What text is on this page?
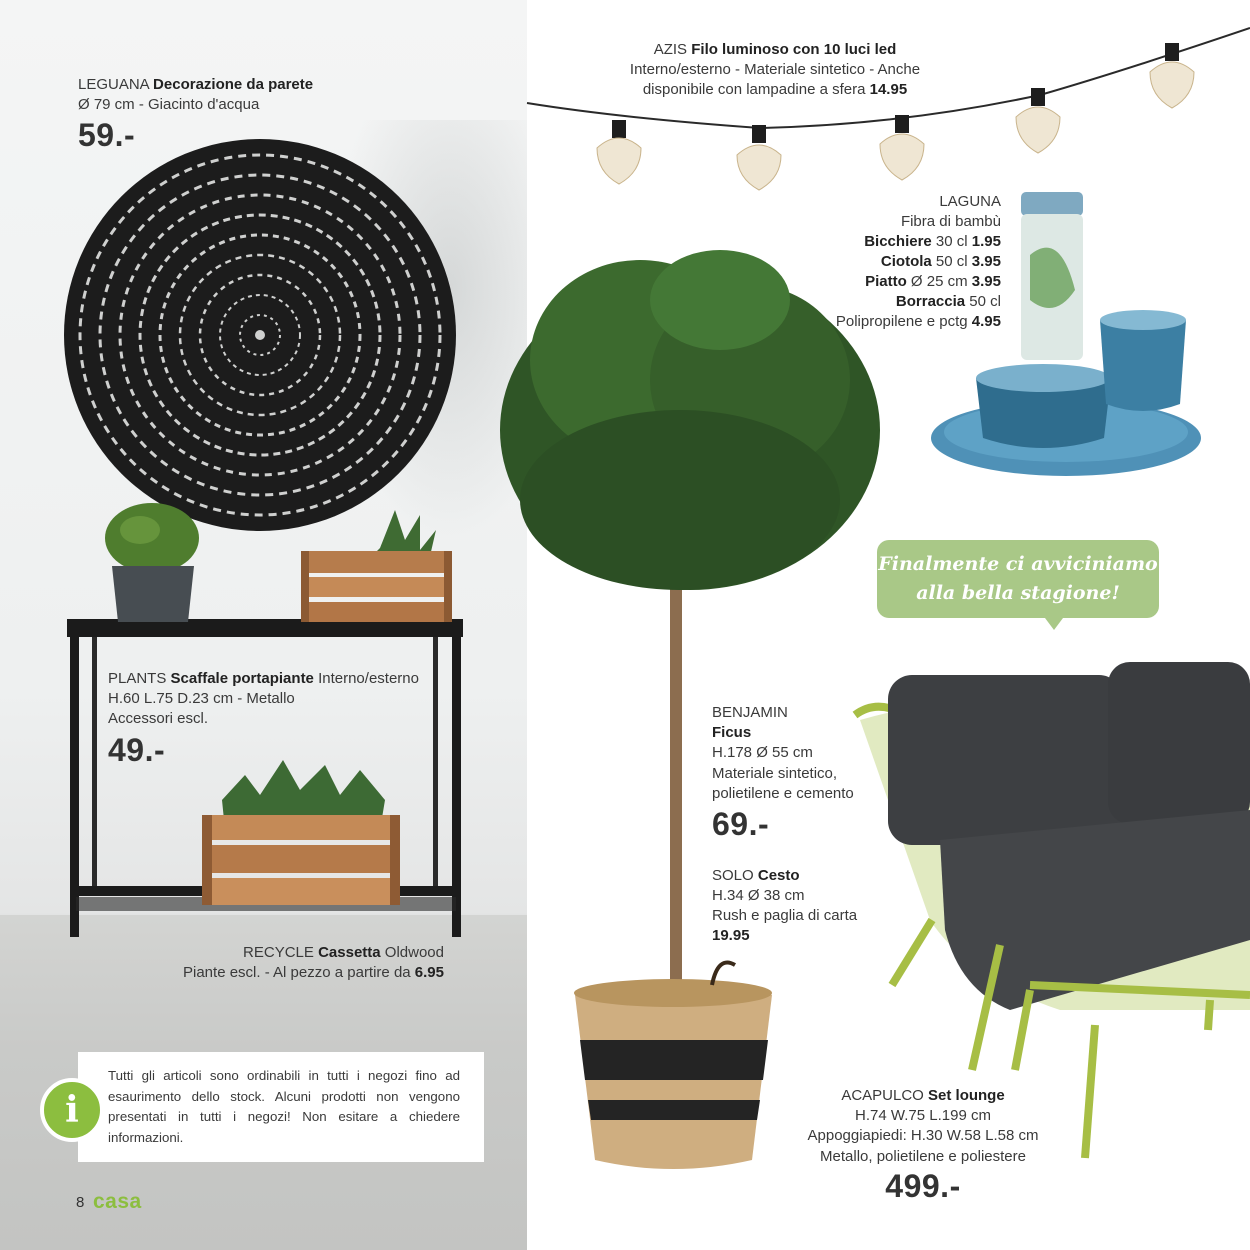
LEGUANA Decorazione da parete
Ø 79 cm - Giacinto d'acqua
59.-
PLANTS Scaffale portapiante Interno/esterno
H.60 L.75 D.23 cm - Metallo
Accessori escl.
49.-
RECYCLE Cassetta Oldwood
Piante escl. - Al pezzo a partire da 6.95
Tutti gli articoli sono ordinabili in tutti i negozi fino ad esaurimento dello stock. Alcuni prodotti non vengono presentati in tutti i negozi! Non esitare a chiedere informazioni.
i
8 casa
AZIS Filo luminoso con 10 luci led
Interno/esterno - Materiale sintetico - Anche
disponibile con lampadine a sfera 14.95
LAGUNA
Fibra di bambù
Bicchiere 30 cl 1.95
Ciotola 50 cl 3.95
Piatto Ø 25 cm 3.95
Borraccia 50 cl
Polipropilene e pctg 4.95
Finalmente ci avviciniamo
alla bella stagione!
BENJAMIN
Ficus
H.178 Ø 55 cm
Materiale sintetico,
polietilene e cemento
69.-
SOLO Cesto
H.34 Ø 38 cm
Rush e paglia di carta
19.95
ACAPULCO Set lounge
H.74 W.75 L.199 cm
Appoggiapiedi: H.30 W.58 L.58 cm
Metallo, polietilene e poliestere
499.-
